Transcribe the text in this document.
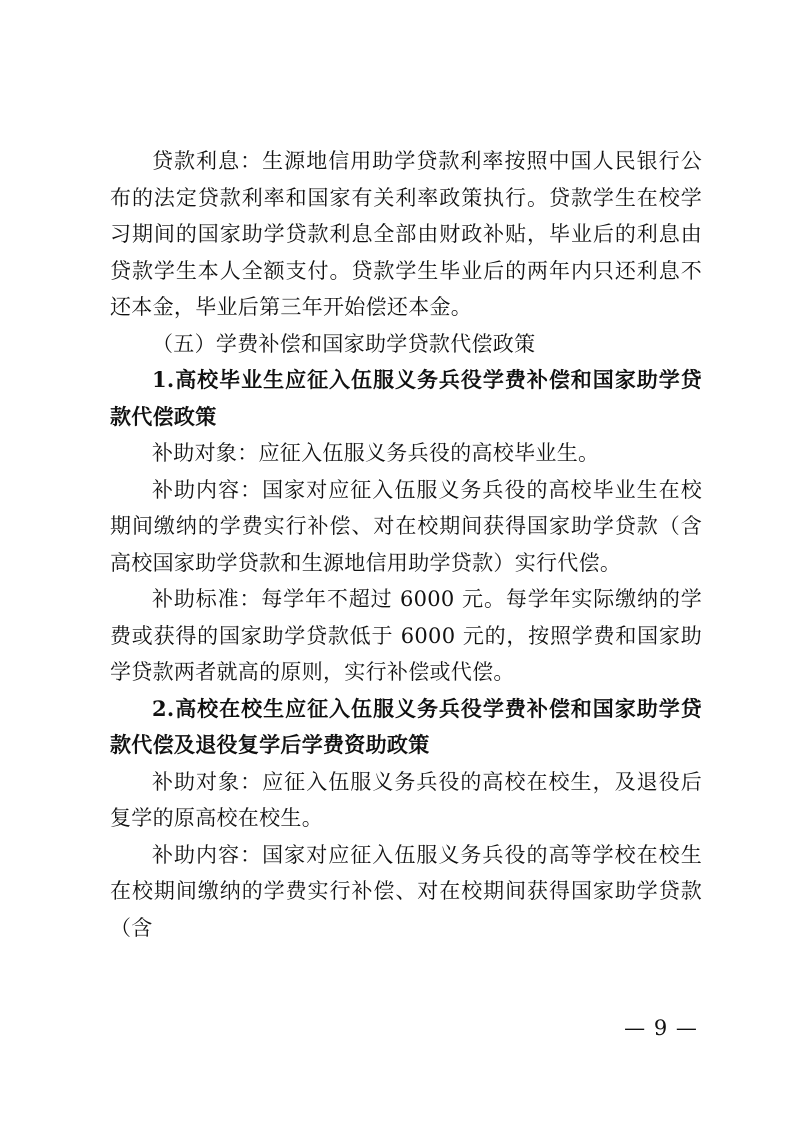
贷款利息：生源地信用助学贷款利率按照中国人民银行公布的法定贷款利率和国家有关利率政策执行。贷款学生在校学习期间的国家助学贷款利息全部由财政补贴，毕业后的利息由贷款学生本人全额支付。贷款学生毕业后的两年内只还利息不还本金，毕业后第三年开始偿还本金。

（五）学费补偿和国家助学贷款代偿政策

1.高校毕业生应征入伍服义务兵役学费补偿和国家助学贷款代偿政策

补助对象：应征入伍服义务兵役的高校毕业生。

补助内容：国家对应征入伍服义务兵役的高校毕业生在校期间缴纳的学费实行补偿、对在校期间获得国家助学贷款（含高校国家助学贷款和生源地信用助学贷款）实行代偿。

补助标准：每学年不超过 6000 元。每学年实际缴纳的学费或获得的国家助学贷款低于 6000 元的，按照学费和国家助学贷款两者就高的原则，实行补偿或代偿。

2.高校在校生应征入伍服义务兵役学费补偿和国家助学贷款代偿及退役复学后学费资助政策

补助对象：应征入伍服义务兵役的高校在校生，及退役后复学的原高校在校生。

补助内容：国家对应征入伍服义务兵役的高等学校在校生在校期间缴纳的学费实行补偿、对在校期间获得国家助学贷款（含

— 9 —
